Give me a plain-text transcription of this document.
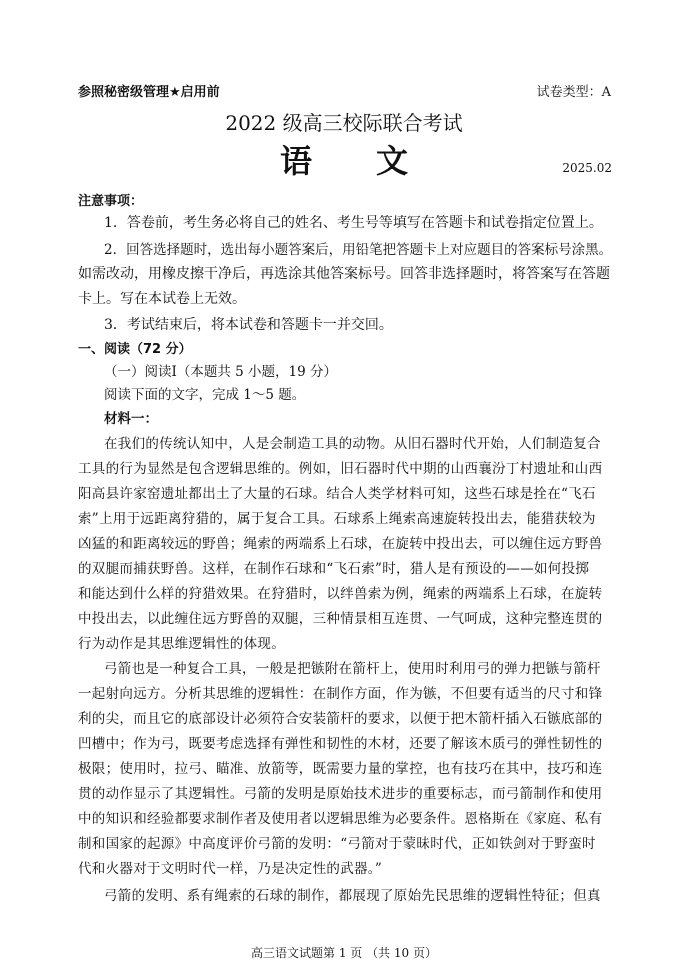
参照秘密级管理★启用前	试卷类型：A
2022 级高三校际联合考试
语文	2025.02
注意事项：
1．答卷前，考生务必将自己的姓名、考生号等填写在答题卡和试卷指定位置上。
2．回答选择题时，选出每小题答案后，用铅笔把答题卡上对应题目的答案标号涂黑。
如需改动，用橡皮擦干净后，再选涂其他答案标号。回答非选择题时，将答案写在答题
卡上。写在本试卷上无效。
3．考试结束后，将本试卷和答题卡一并交回。
一、阅读（72 分）
（一）阅读Ⅰ（本题共 5 小题，19 分）
阅读下面的文字，完成 1～5 题。
材料一：
在我们的传统认知中，人是会制造工具的动物。从旧石器时代开始，人们制造复合
工具的行为显然是包含逻辑思维的。例如，旧石器时代中期的山西襄汾丁村遗址和山西
阳高县许家窑遗址都出土了大量的石球。结合人类学材料可知，这些石球是拴在“飞石
索”上用于远距离狩猎的，属于复合工具。石球系上绳索高速旋转投出去，能猎获较为
凶猛的和距离较远的野兽；绳索的两端系上石球，在旋转中投出去，可以缠住远方野兽
的双腿而捕获野兽。这样，在制作石球和“飞石索”时，猎人是有预设的——如何投掷
和能达到什么样的狩猎效果。在狩猎时，以绊兽索为例，绳索的两端系上石球，在旋转
中投出去，以此缠住远方野兽的双腿，三种情景相互连贯、一气呵成，这种完整连贯的
行为动作是其思维逻辑性的体现。
弓箭也是一种复合工具，一般是把镞附在箭杆上，使用时利用弓的弹力把镞与箭杆
一起射向远方。分析其思维的逻辑性：在制作方面，作为镞，不但要有适当的尺寸和锋
利的尖，而且它的底部设计必须符合安装箭杆的要求，以便于把木箭杆插入石镞底部的
凹槽中；作为弓，既要考虑选择有弹性和韧性的木材，还要了解该木质弓的弹性韧性的
极限；使用时，拉弓、瞄准、放箭等，既需要力量的掌控，也有技巧在其中，技巧和连
贯的动作显示了其逻辑性。弓箭的发明是原始技术进步的重要标志，而弓箭制作和使用
中的知识和经验都要求制作者及使用者以逻辑思维为必要条件。恩格斯在《家庭、私有
制和国家的起源》中高度评价弓箭的发明：“弓箭对于蒙昧时代，正如铁剑对于野蛮时
代和火器对于文明时代一样，乃是决定性的武器。”
弓箭的发明、系有绳索的石球的制作，都展现了原始先民思维的逻辑性特征；但真
高三语文试题第 1 页 （共 10 页）
